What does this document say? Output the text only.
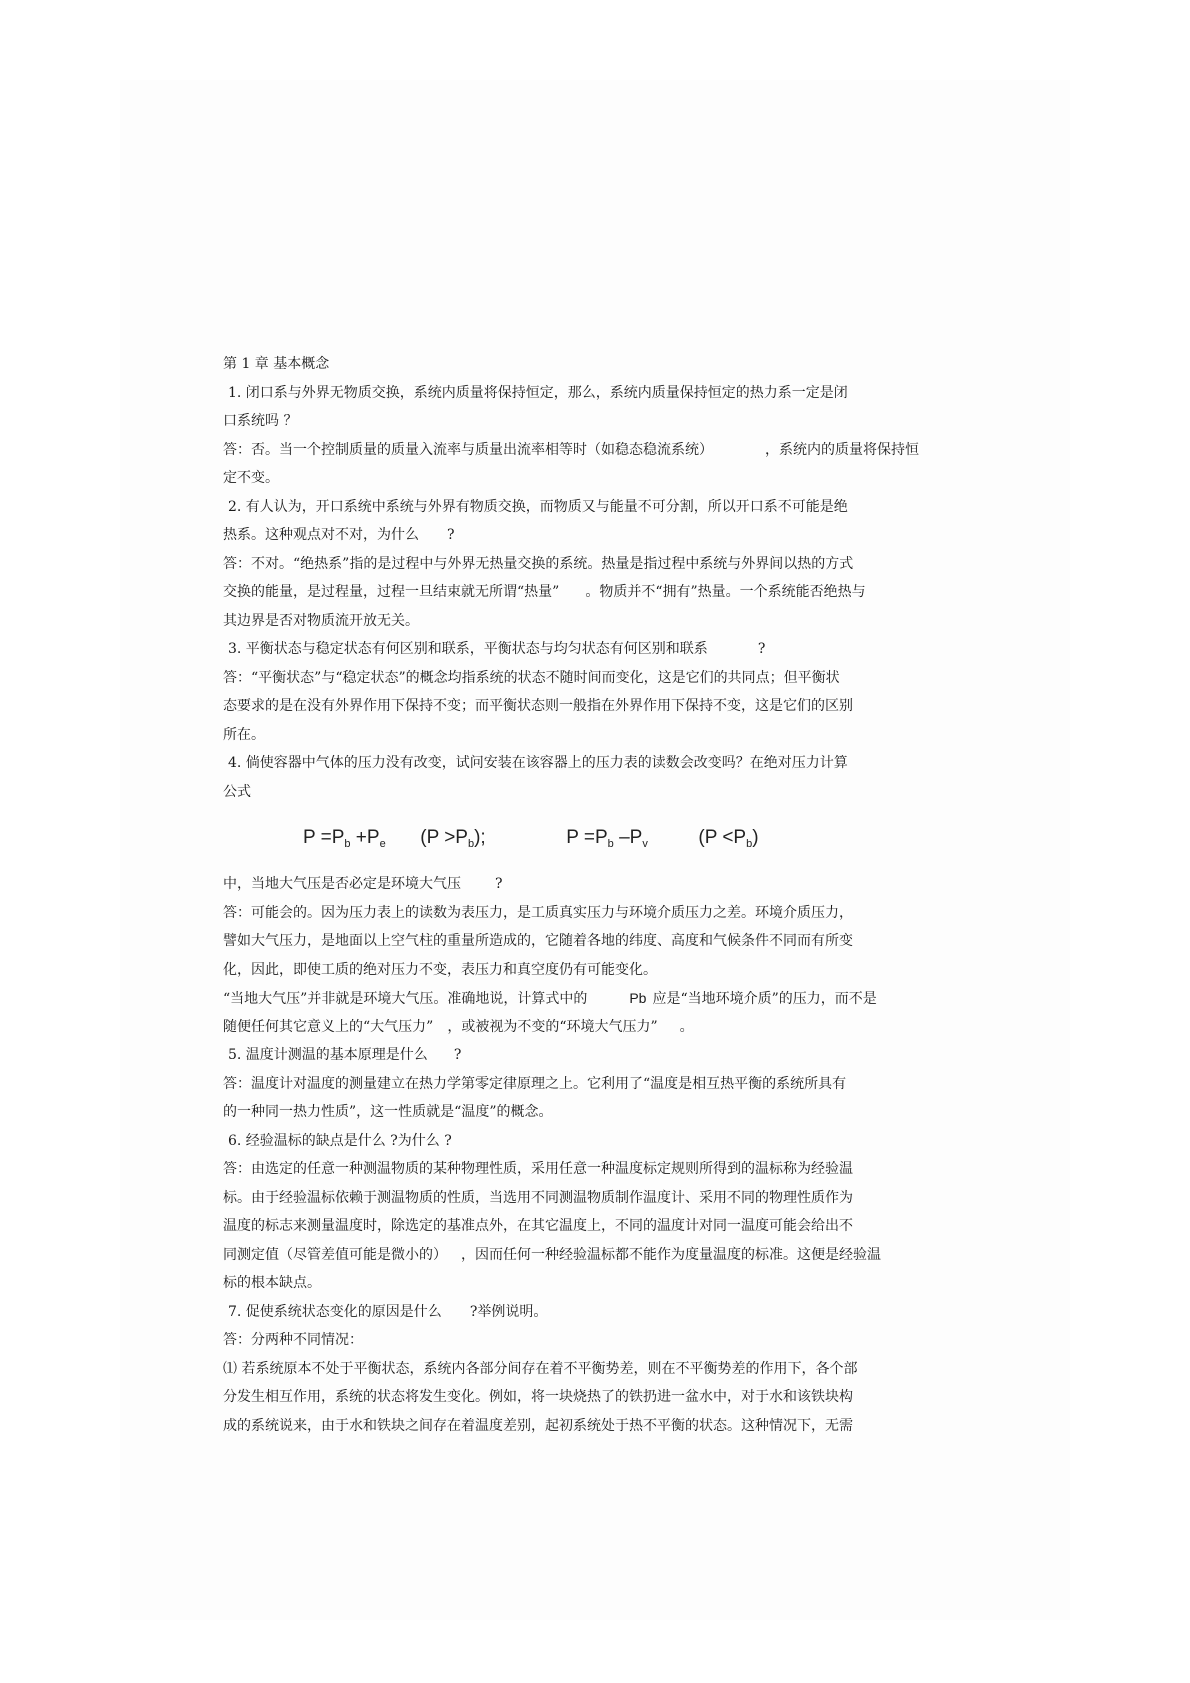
第 1 章 基本概念
1. 闭口系与外界无物质交换，系统内质量将保持恒定，那么，系统内质量保持恒定的热力系一定是闭
口系统吗 ？
答：否。当一个控制质量的质量入流率与质量出流率相等时（如稳态稳流系统）	，系统内的质量将保持恒
定不变。
2. 有人认为，开口系统中系统与外界有物质交换，而物质又与能量不可分割，所以开口系不可能是绝
热系。这种观点对不对，为什么 ?
答：不对。“绝热系”指的是过程中与外界无热量交换的系统。热量是指过程中系统与外界间以热的方式
交换的能量，是过程量，过程一旦结束就无所谓“热量” 。物质并不“拥有”热量。一个系统能否绝热与
其边界是否对物质流开放无关。
3. 平衡状态与稳定状态有何区别和联系，平衡状态与均匀状态有何区别和联系	?
答：“平衡状态”与“稳定状态”的概念均指系统的状态不随时间而变化，这是它们的共同点；但平衡状
态要求的是在没有外界作用下保持不变；而平衡状态则一般指在外界作用下保持不变，这是它们的区别
所在。
4. 倘使容器中气体的压力没有改变，试问安装在该容器上的压力表的读数会改变吗？在绝对压力计算
公式
$P =P_b +P_e$ $(P >P_b)$;	$P =P_b$ $-P_v$	$(P <P_b)$
中，当地大气压是否必定是环境大气压 ?
答：可能会的。因为压力表上的读数为表压力，是工质真实压力与环境介质压力之差。环境介质压力，
譬如大气压力，是地面以上空气柱的重量所造成的，它随着各地的纬度、高度和气候条件不同而有所变
化，因此，即使工质的绝对压力不变，表压力和真空度仍有可能变化。
“当地大气压”并非就是环境大气压。准确地说，计算式中的	Pb 应是“当地环境介质”的压力，而不是
随便任何其它意义上的“大气压力” ，或被视为不变的“环境大气压力” 。
5. 温度计测温的基本原理是什么 ?
答：温度计对温度的测量建立在热力学第零定律原理之上。它利用了“温度是相互热平衡的系统所具有
的一种同一热力性质”，这一性质就是“温度”的概念。
6. 经验温标的缺点是什么 ?为什么 ?
答：由选定的任意一种测温物质的某种物理性质，采用任意一种温度标定规则所得到的温标称为经验温
标。由于经验温标依赖于测温物质的性质，当选用不同测温物质制作温度计、采用不同的物理性质作为
温度的标志来测量温度时，除选定的基准点外，在其它温度上，不同的温度计对同一温度可能会给出不
同测定值（尽管差值可能是微小的） ，因而任何一种经验温标都不能作为度量温度的标准。这便是经验温
标的根本缺点。
7. 促使系统状态变化的原因是什么 ?举例说明。
答：分两种不同情况：
⑴ 若系统原本不处于平衡状态，系统内各部分间存在着不平衡势差，则在不平衡势差的作用下，各个部
分发生相互作用，系统的状态将发生变化。例如，将一块烧热了的铁扔进一盆水中，对于水和该铁块构
成的系统说来，由于水和铁块之间存在着温度差别，起初系统处于热不平衡的状态。这种情况下，无需
